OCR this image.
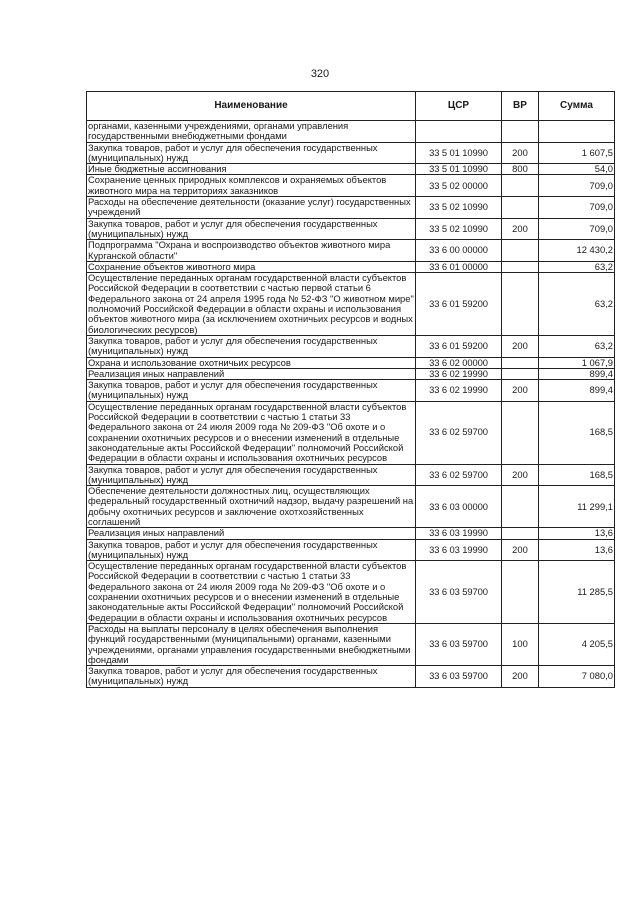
320
Наименование	ЦСР	ВР	Сумма
органами, казенными учреждениями, органами управления государственными внебюджетными фондами			
Закупка товаров, работ и услуг для обеспечения государственных (муниципальных) нужд	33 5 01 10990	200	1 607,5
Иные бюджетные ассигнования	33 5 01 10990	800	54,0
Сохранение ценных природных комплексов и охраняемых объектов животного мира на территориях заказников	33 5 02 00000		709,0
Расходы на обеспечение деятельности (оказание услуг) государственных учреждений	33 5 02 10990		709,0
Закупка товаров, работ и услуг для обеспечения государственных (муниципальных) нужд	33 5 02 10990	200	709,0
Подпрограмма "Охрана и воспроизводство объектов животного мира Курганской области"	33 6 00 00000		12 430,2
Сохранение объектов животного мира	33 6 01 00000		63,2
Осуществление переданных органам государственной власти субъектов Российской Федерации в соответствии с частью первой статьи 6 Федерального закона от 24 апреля 1995 года № 52-ФЗ "О животном мире" полномочий Российской Федерации в области охраны и использования объектов животного мира (за исключением охотничьих ресурсов и водных биологических ресурсов)	33 6 01 59200		63,2
Закупка товаров, работ и услуг для обеспечения государственных (муниципальных) нужд	33 6 01 59200	200	63,2
Охрана и использование охотничьих ресурсов	33 6 02 00000		1 067,9
Реализация иных направлений	33 6 02 19990		899,4
Закупка товаров, работ и услуг для обеспечения государственных (муниципальных) нужд	33 6 02 19990	200	899,4
Осуществление переданных органам государственной власти субъектов Российской Федерации в соответствии с частью 1 статьи 33 Федерального закона от 24 июля 2009 года № 209-ФЗ "Об охоте и о сохранении охотничьих ресурсов и о внесении изменений в отдельные законодательные акты Российской Федерации" полномочий Российской Федерации в области охраны и использования охотничьих ресурсов	33 6 02 59700		168,5
Закупка товаров, работ и услуг для обеспечения государственных (муниципальных) нужд	33 6 02 59700	200	168,5
Обеспечение деятельности должностных лиц, осуществляющих федеральный государственный охотничий надзор, выдачу разрешений на добычу охотничьих ресурсов и заключение охотхозяйственных соглашений	33 6 03 00000		11 299,1
Реализация иных направлений	33 6 03 19990		13,6
Закупка товаров, работ и услуг для обеспечения государственных (муниципальных) нужд	33 6 03 19990	200	13,6
Осуществление переданных органам государственной власти субъектов Российской Федерации в соответствии с частью 1 статьи 33 Федерального закона от 24 июля 2009 года № 209-ФЗ "Об охоте и о сохранении охотничьих ресурсов и о внесении изменений в отдельные законодательные акты Российской Федерации" полномочий Российской Федерации в области охраны и использования охотничьих ресурсов	33 6 03 59700		11 285,5
Расходы на выплаты персоналу в целях обеспечения выполнения функций государственными (муниципальными) органами, казенными учреждениями, органами управления государственными внебюджетными фондами	33 6 03 59700	100	4 205,5
Закупка товаров, работ и услуг для обеспечения государственных (муниципальных) нужд	33 6 03 59700	200	7 080,0
